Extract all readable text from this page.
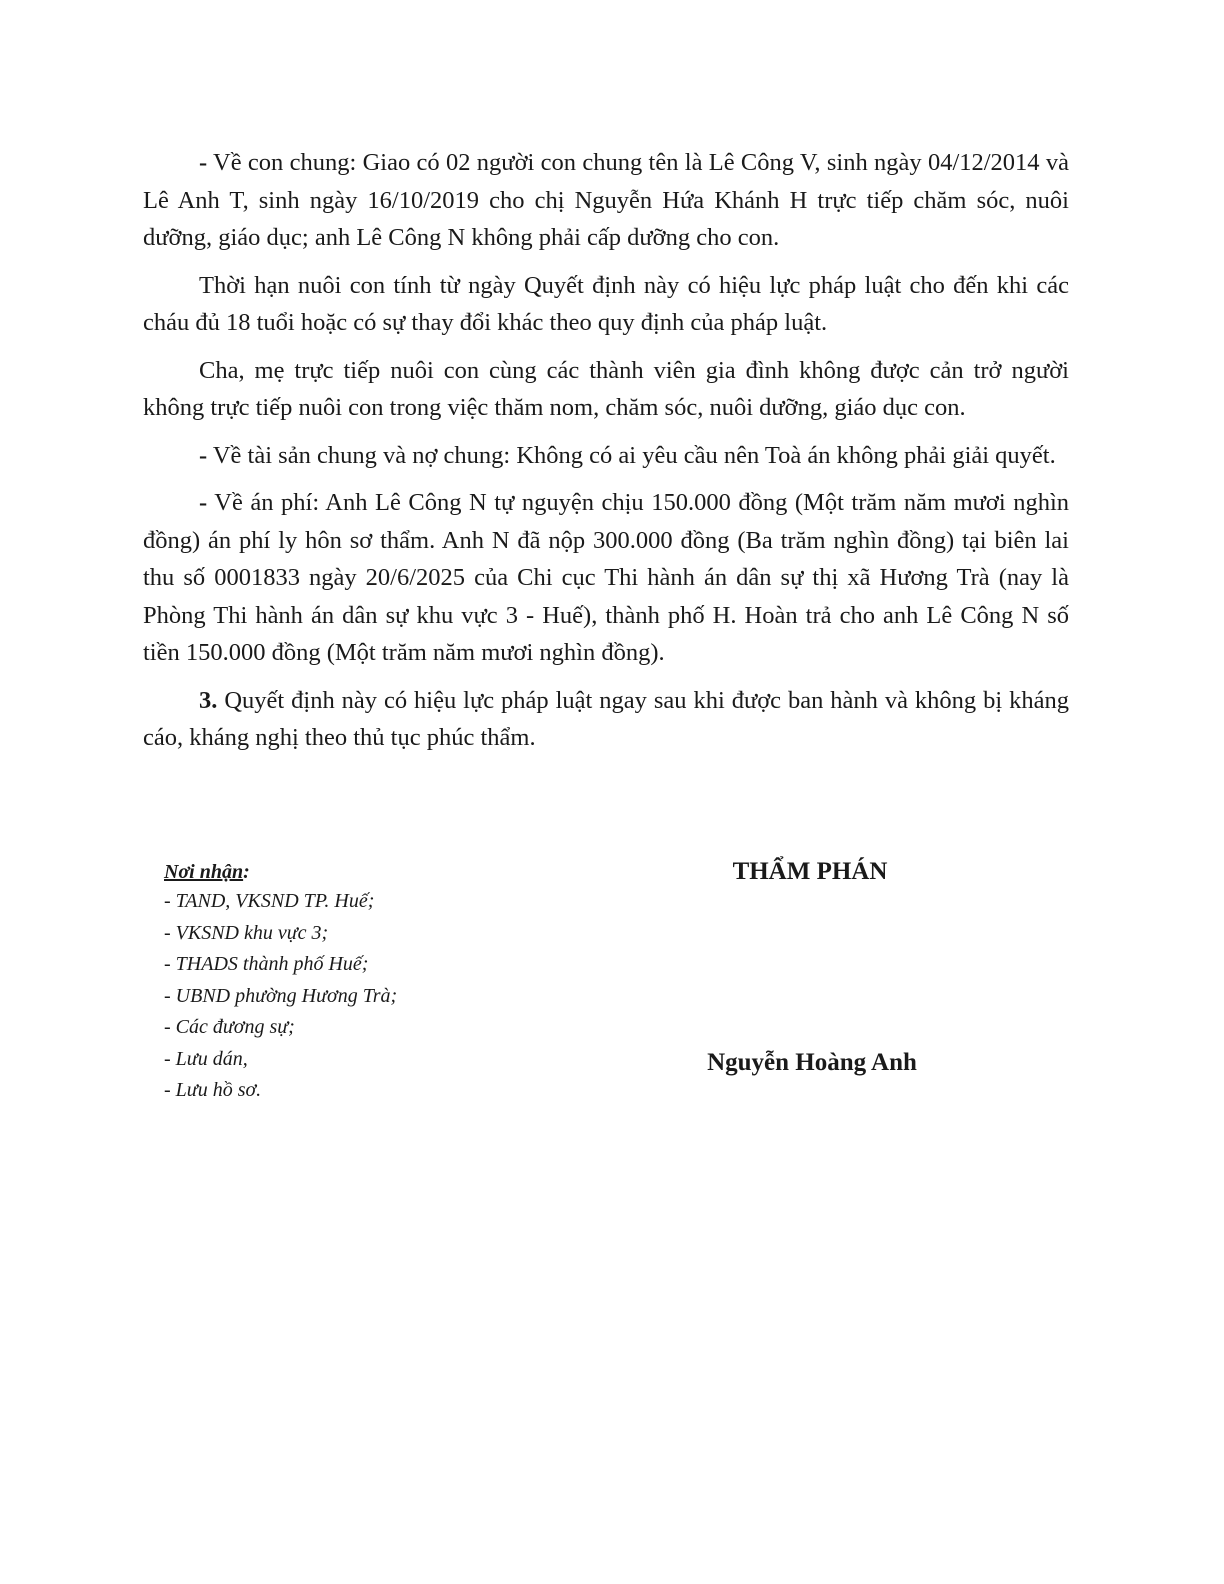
- Về con chung: Giao có 02 người con chung tên là Lê Công V, sinh ngày 04/12/2014 và Lê Anh T, sinh ngày 16/10/2019 cho chị Nguyễn Hứa Khánh H trực tiếp chăm sóc, nuôi dưỡng, giáo dục; anh Lê Công N không phải cấp dưỡng cho con.

Thời hạn nuôi con tính từ ngày Quyết định này có hiệu lực pháp luật cho đến khi các cháu đủ 18 tuổi hoặc có sự thay đổi khác theo quy định của pháp luật.

Cha, mẹ trực tiếp nuôi con cùng các thành viên gia đình không được cản trở người không trực tiếp nuôi con trong việc thăm nom, chăm sóc, nuôi dưỡng, giáo dục con.

- Về tài sản chung và nợ chung: Không có ai yêu cầu nên Toà án không phải giải quyết.

- Về án phí: Anh Lê Công N tự nguyện chịu 150.000 đồng (Một trăm năm mươi nghìn đồng) án phí ly hôn sơ thẩm. Anh N đã nộp 300.000 đồng (Ba trăm nghìn đồng) tại biên lai thu số 0001833 ngày 20/6/2025 của Chi cục Thi hành án dân sự thị xã Hương Trà (nay là Phòng Thi hành án dân sự khu vực 3 - Huế), thành phố H. Hoàn trả cho anh Lê Công N số tiền 150.000 đồng (Một trăm năm mươi nghìn đồng).

3. Quyết định này có hiệu lực pháp luật ngay sau khi được ban hành và không bị kháng cáo, kháng nghị theo thủ tục phúc thẩm.

Nơi nhận:
- TAND, VKSND TP. Huế;
- VKSND khu vực 3;
- THADS thành phố Huế;
- UBND phường Hương Trà;
- Các đương sự;
- Lưu dán,
- Lưu hồ sơ.
THẨM PHÁN
Nguyễn Hoàng Anh
